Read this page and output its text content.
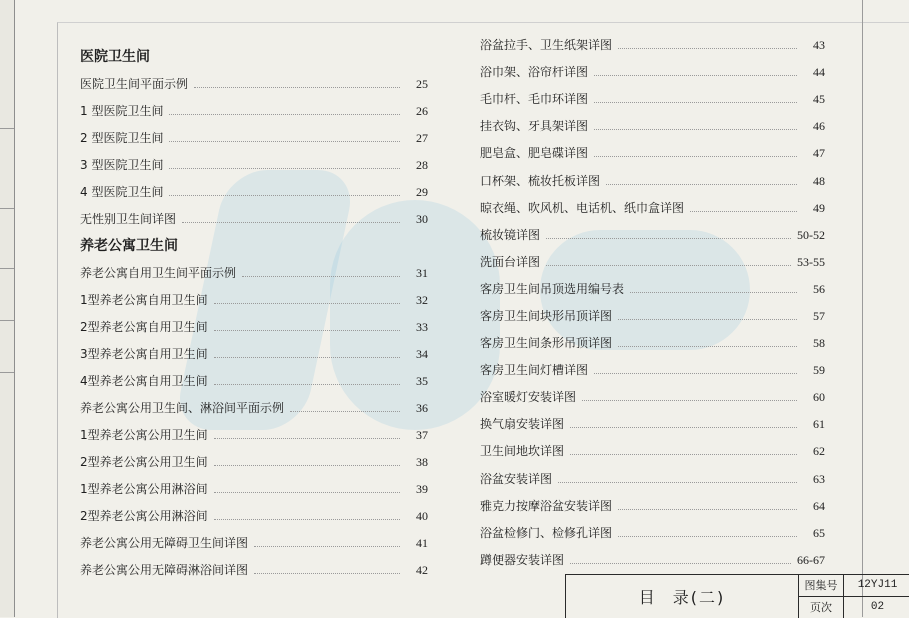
医院卫生间
医院卫生间平面示例	25
1 型医院卫生间	26
2 型医院卫生间	27
3 型医院卫生间	28
4 型医院卫生间	29
无性别卫生间详图	30
养老公寓卫生间
养老公寓自用卫生间平面示例	31
1型养老公寓自用卫生间	32
2型养老公寓自用卫生间	33
3型养老公寓自用卫生间	34
4型养老公寓自用卫生间	35
养老公寓公用卫生间、淋浴间平面示例	36
1型养老公寓公用卫生间	37
2型养老公寓公用卫生间	38
1型养老公寓公用淋浴间	39
2型养老公寓公用淋浴间	40
养老公寓公用无障碍卫生间详图	41
养老公寓公用无障碍淋浴间详图	42
浴盆拉手、卫生纸架详图	43
浴巾架、浴帘杆详图	44
毛巾杆、毛巾环详图	45
挂衣钩、牙具架详图	46
肥皂盒、肥皂碟详图	47
口杯架、梳妆托板详图	48
晾衣绳、吹风机、电话机、纸巾盒详图	49
梳妆镜详图	50-52
洗面台详图	53-55
客房卫生间吊顶选用编号表	56
客房卫生间块形吊顶详图	57
客房卫生间条形吊顶详图	58
客房卫生间灯槽详图	59
浴室暖灯安装详图	60
换气扇安装详图	61
卫生间地坎详图	62
浴盆安装详图	63
雅克力按摩浴盆安装详图	64
浴盆检修门、检修孔详图	65
蹲便器安装详图	66-67
目 录(二)
图集号	12YJ11
页次	02
